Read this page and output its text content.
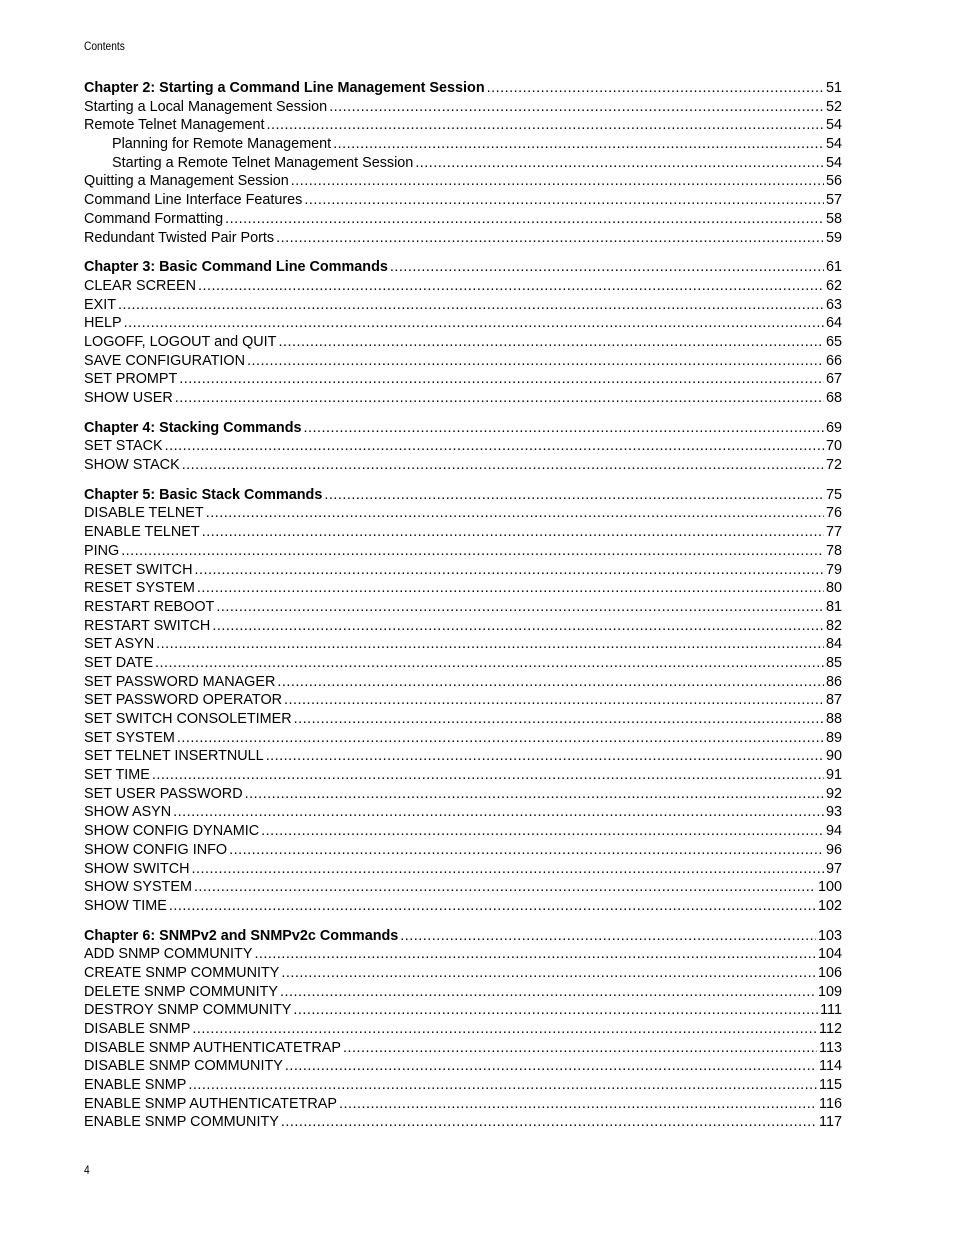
Contents
Chapter 2: Starting a Command Line Management Session .....	51
Starting a Local Management Session .....	52
Remote Telnet Management .....	54
Planning for Remote Management .....	54
Starting a Remote Telnet Management Session .....	54
Quitting a Management Session .....	56
Command Line Interface Features .....	57
Command Formatting .....	58
Redundant Twisted Pair Ports .....	59
Chapter 3: Basic Command Line Commands .....	61
CLEAR SCREEN .....	62
EXIT .....	63
HELP .....	64
LOGOFF, LOGOUT and QUIT .....	65
SAVE CONFIGURATION .....	66
SET PROMPT .....	67
SHOW USER .....	68
Chapter 4: Stacking Commands .....	69
SET STACK .....	70
SHOW STACK .....	72
Chapter 5: Basic Stack Commands .....	75
DISABLE TELNET .....	76
ENABLE TELNET .....	77
PING .....	78
RESET SWITCH .....	79
RESET SYSTEM .....	80
RESTART REBOOT .....	81
RESTART SWITCH .....	82
SET ASYN .....	84
SET DATE .....	85
SET PASSWORD MANAGER .....	86
SET PASSWORD OPERATOR .....	87
SET SWITCH CONSOLETIMER .....	88
SET SYSTEM .....	89
SET TELNET INSERTNULL .....	90
SET TIME .....	91
SET USER PASSWORD .....	92
SHOW ASYN .....	93
SHOW CONFIG DYNAMIC .....	94
SHOW CONFIG INFO .....	96
SHOW SWITCH .....	97
SHOW SYSTEM .....	100
SHOW TIME .....	102
Chapter 6: SNMPv2 and SNMPv2c Commands .....	103
ADD SNMP COMMUNITY .....	104
CREATE SNMP COMMUNITY .....	106
DELETE SNMP COMMUNITY .....	109
DESTROY SNMP COMMUNITY .....	111
DISABLE SNMP .....	112
DISABLE SNMP AUTHENTICATETRAP .....	113
DISABLE SNMP COMMUNITY .....	114
ENABLE SNMP .....	115
ENABLE SNMP AUTHENTICATETRAP .....	116
ENABLE SNMP COMMUNITY .....	117
4
